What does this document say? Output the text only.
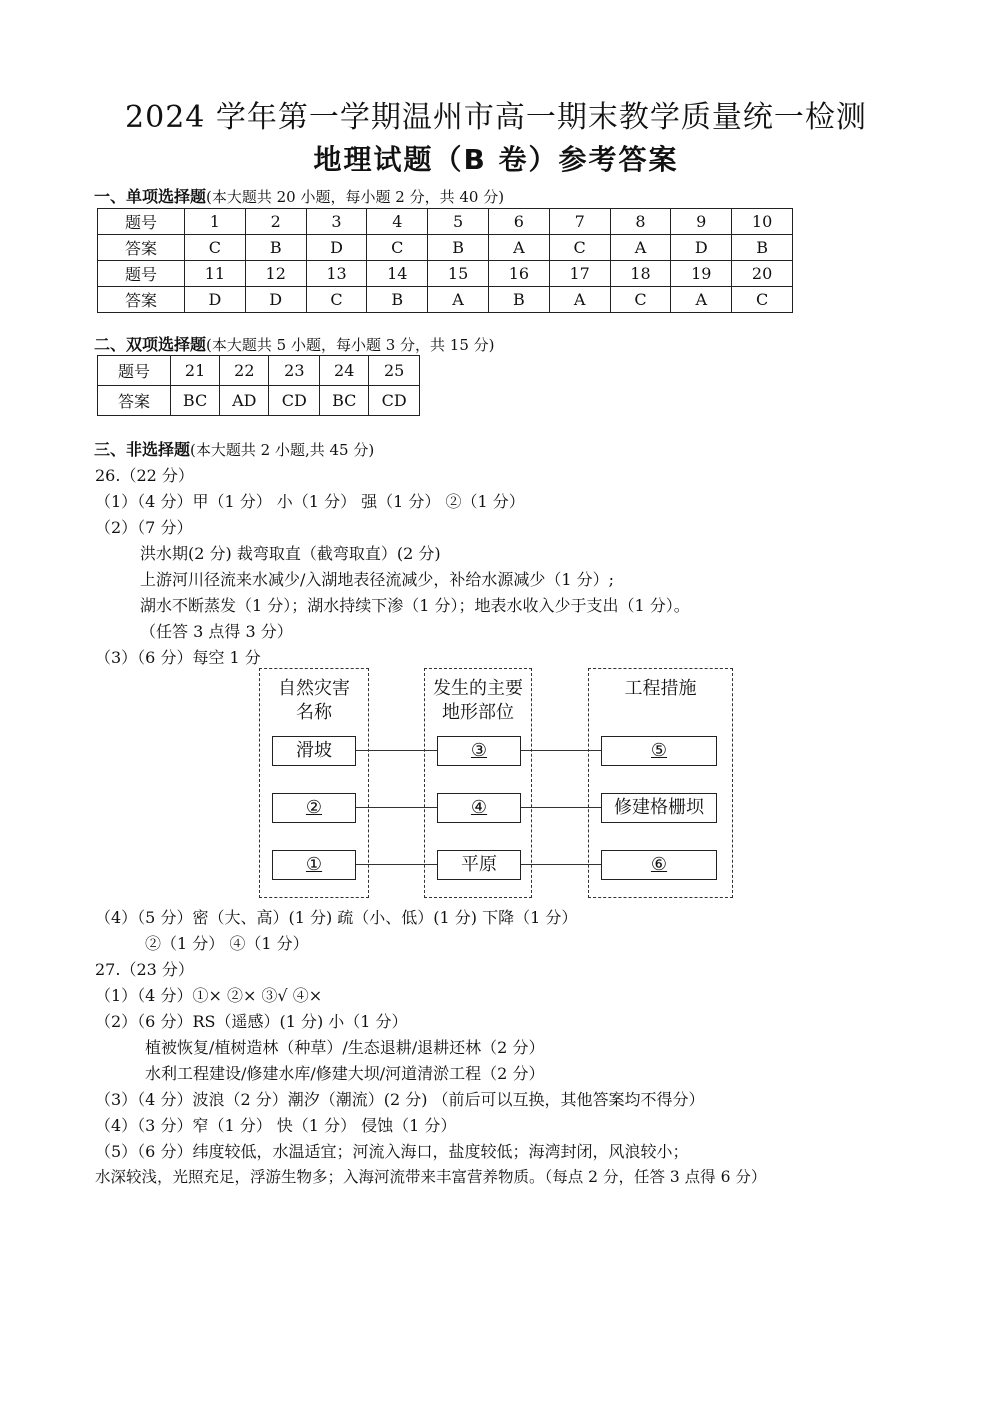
2024 学年第一学期温州市高一期末教学质量统一检测
地理试题（B 卷）参考答案
一、单项选择题(本大题共 20 小题，每小题 2 分，共 40 分)
题号	1	2	3	4	5	6	7	8	9	10
答案	C	B	D	C	B	A	C	A	D	B
题号	11	12	13	14	15	16	17	18	19	20
答案	D	D	C	B	A	B	A	C	A	C
二、双项选择题(本大题共 5 小题，每小题 3 分，共 15 分)
题号	21	22	23	24	25
答案	BC	AD	CD	BC	CD
三、非选择题(本大题共 2 小题,共 45 分)
26.（22 分）
（1）（4 分）甲（1 分） 小（1 分） 强（1 分） ②（1 分）
（2）（7 分）
洪水期(2 分) 裁弯取直（截弯取直）(2 分)
上游河川径流来水减少/入湖地表径流减少，补给水源减少（1 分）;
湖水不断蒸发（1 分）；湖水持续下渗（1 分）；地表水收入少于支出（1 分）。
（任答 3 点得 3 分）
（3）（6 分）每空 1 分
自然灾害
名称
发生的主要
地形部位
工程措施
滑坡	③	⑤
②	④	修建格栅坝
①	平原	⑥
（4）（5 分）密（大、高）(1 分) 疏（小、低）(1 分) 下降（1 分）
②（1 分） ④（1 分）
27.（23 分）
（1）（4 分）①× ②× ③√ ④×
（2）（6 分）RS（遥感）(1 分) 小（1 分）
植被恢复/植树造林（种草）/生态退耕/退耕还林（2 分）
水利工程建设/修建水库/修建大坝/河道清淤工程（2 分）
（3）（4 分）波浪（2 分）潮汐（潮流）(2 分) （前后可以互换，其他答案均不得分）
（4）（3 分）窄（1 分） 快（1 分） 侵蚀（1 分）
（5）（6 分）纬度较低，水温适宜；河流入海口，盐度较低；海湾封闭，风浪较小；
水深较浅，光照充足，浮游生物多；入海河流带来丰富营养物质。（每点 2 分，任答 3 点得 6 分）
